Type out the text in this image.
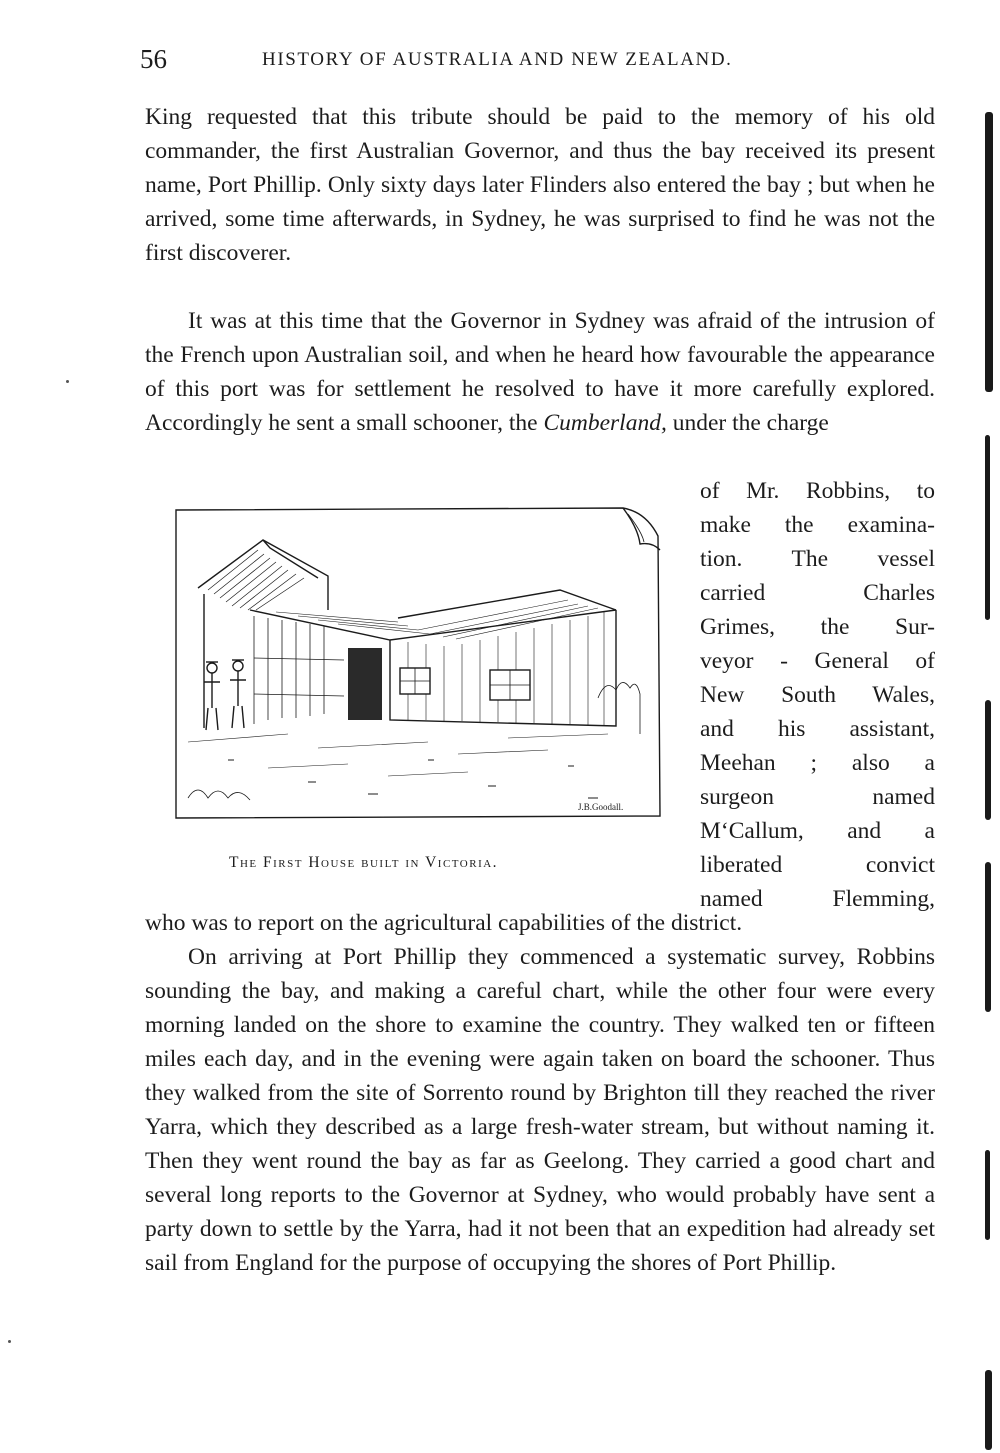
56	HISTORY OF AUSTRALIA AND NEW ZEALAND.
King requested that this tribute should be paid to the memory of his old commander, the first Australian Governor, and thus the bay received its present name, Port Phillip. Only sixty days later Flinders also entered the bay ; but when he arrived, some time afterwards, in Sydney, he was surprised to find he was not the first discoverer.
It was at this time that the Governor in Sydney was afraid of the intrusion of the French upon Australian soil, and when he heard how favourable the appearance of this port was for settlement he resolved to have it more carefully explored. Accordingly he sent a small schooner, the Cumberland, under the charge
of Mr. Robbins, to
make the examina-
tion. The vessel
carried Charles
Grimes, the Sur-
veyor - General of
New South Wales,
and his assistant,
Meehan ; also a
surgeon named
M‘Callum, and a
liberated convict
named Flemming,
J.B.Goodall.
The First House built in Victoria.
who was to report on the agricultural capabilities of the district.
On arriving at Port Phillip they commenced a systematic survey, Robbins sounding the bay, and making a careful chart, while the other four were every morning landed on the shore to examine the country. They walked ten or fifteen miles each day, and in the evening were again taken on board the schooner. Thus they walked from the site of Sorrento round by Brighton till they reached the river Yarra, which they described as a large fresh-water stream, but without naming it. Then they went round the bay as far as Geelong. They carried a good chart and several long reports to the Governor at Sydney, who would probably have sent a party down to settle by the Yarra, had it not been that an expedition had already set sail from England for the purpose of occupying the shores of Port Phillip.
